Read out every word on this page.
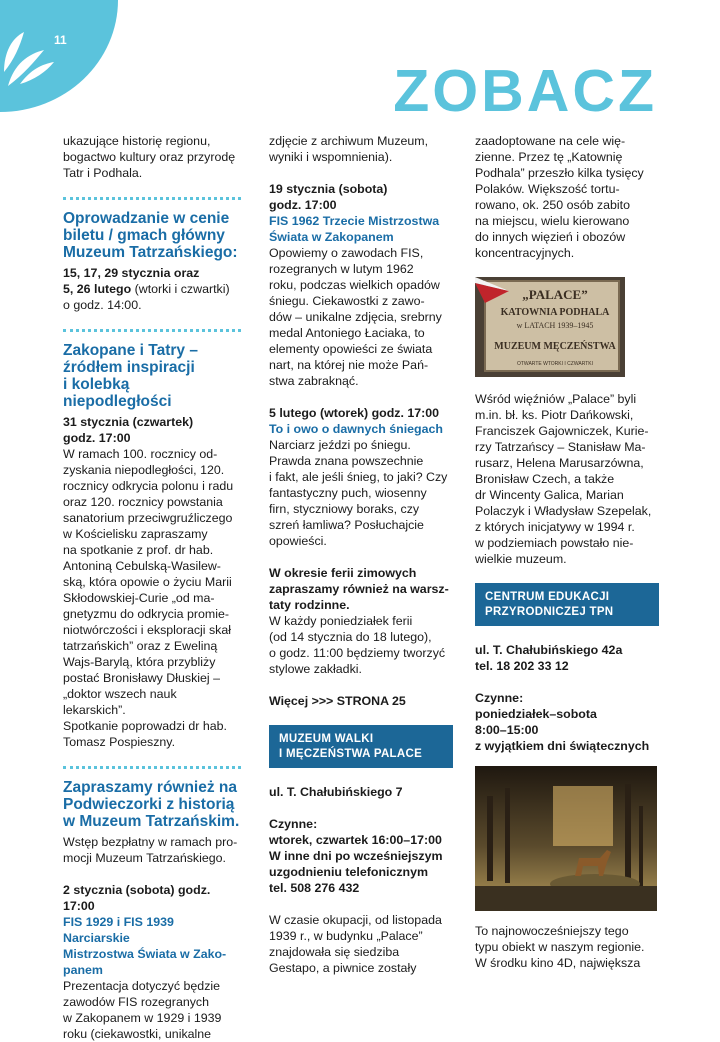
11
ZOBACZ
ukazujące historię regionu,
bogactwo kultury oraz przyrodę
Tatr i Podhala.
Oprowadzanie w cenie
biletu / gmach główny
Muzeum Tatrzańskiego:
15, 17, 29 stycznia oraz
5, 26 lutego (wtorki i czwartki)
o godz. 14:00.
Zakopane i Tatry –
źródłem inspiracji
i kolebką niepodległości
31 stycznia (czwartek)
godz. 17:00
W ramach 100. rocznicy od-
zyskania niepodległości, 120.
rocznicy odkrycia polonu i radu
oraz 120. rocznicy powstania
sanatorium przeciwgruźliczego
w Kościelisku zapraszamy
na spotkanie z prof. dr hab.
Antoniną Cebulską-Wasilew-
ską, która opowie o życiu Marii
Skłodowskiej-Curie „od ma-
gnetyzmu do odkrycia promie-
niotwórczości i eksploracji skał
tatrzańskich” oraz z Eweliną
Wajs-Barylą, która przybliży
postać Bronisławy Dłuskiej –
„doktor wszech nauk lekarskich”.
Spotkanie poprowadzi dr hab.
Tomasz Pospieszny.
Zapraszamy również na
Podwieczorki z historią
w Muzeum Tatrzańskim.
Wstęp bezpłatny w ramach pro-
mocji Muzeum Tatrzańskiego.
2 stycznia (sobota) godz. 17:00
FIS 1929 i FIS 1939 Narciarskie
Mistrzostwa Świata w Zako-
panem
Prezentacja dotyczyć będzie
zawodów FIS rozegranych
w Zakopanem w 1929 i 1939
roku (ciekawostki, unikalne
zdjęcie z archiwum Muzeum,
wyniki i wspomnienia).
19 stycznia (sobota)
godz. 17:00
FIS 1962 Trzecie Mistrzostwa
Świata w Zakopanem
Opowiemy o zawodach FIS,
rozegranych w lutym 1962
roku, podczas wielkich opadów
śniegu. Ciekawostki z zawo-
dów – unikalne zdjęcia, srebrny
medal Antoniego Łaciaka, to
elementy opowieści ze świata
nart, na której nie może Pań-
stwa zabraknąć.
5 lutego (wtorek) godz. 17:00
To i owo o dawnych śniegach
Narciarz jeździ po śniegu.
Prawda znana powszechnie
i fakt, ale jeśli śnieg, to jaki? Czy
fantastyczny puch, wiosenny
firn, styczniowy boraks, czy
szreń łamliwa? Posłuchajcie
opowieści.
W okresie ferii zimowych
zapraszamy również na warsz-
taty rodzinne.
W każdy poniedziałek ferii
(od 14 stycznia do 18 lutego),
o godz. 11:00 będziemy tworzyć
stylowe zakładki.
Więcej >>> STRONA 25
MUZEUM WALKI
I MĘCZEŃSTWA PALACE
ul. T. Chałubińskiego 7
Czynne:
wtorek, czwartek 16:00–17:00
W inne dni po wcześniejszym
uzgodnieniu telefonicznym
tel. 508 276 432
W czasie okupacji, od listopada
1939 r., w budynku „Palace”
znajdowała się siedziba
Gestapo, a piwnice zostały
zaadoptowane na cele wię-
zienne. Przez tę „Katownię
Podhala” przeszło kilka tysięcy
Polaków. Większość tortu-
rowano, ok. 250 osób zabito
na miejscu, wielu kierowano
do innych więzień i obozów
koncentracyjnych.
„PALACE”
KATOWNIA PODHALA
w LATACH 1939–1945
MUZEUM MĘCZEŃSTWA
OTWARTE WTORKI I CZWARTKI
Wśród więźniów „Palace” byli
m.in. bł. ks. Piotr Dańkowski,
Franciszek Gajowniczek, Kurie-
rzy Tatrzańscy – Stanisław Ma-
rusarz, Helena Marusarzówna,
Bronisław Czech, a także
dr Wincenty Galica, Marian
Polaczyk i Władysław Szepelak,
z których inicjatywy w 1994 r.
w podziemiach powstało nie-
wielkie muzeum.
CENTRUM EDUKACJI
PRZYRODNICZEJ TPN
ul. T. Chałubińskiego 42a
tel. 18 202 33 12
Czynne:
poniedziałek–sobota
8:00–15:00
z wyjątkiem dni świątecznych
To najnowocześniejszy tego
typu obiekt w naszym regionie.
W środku kino 4D, największa
